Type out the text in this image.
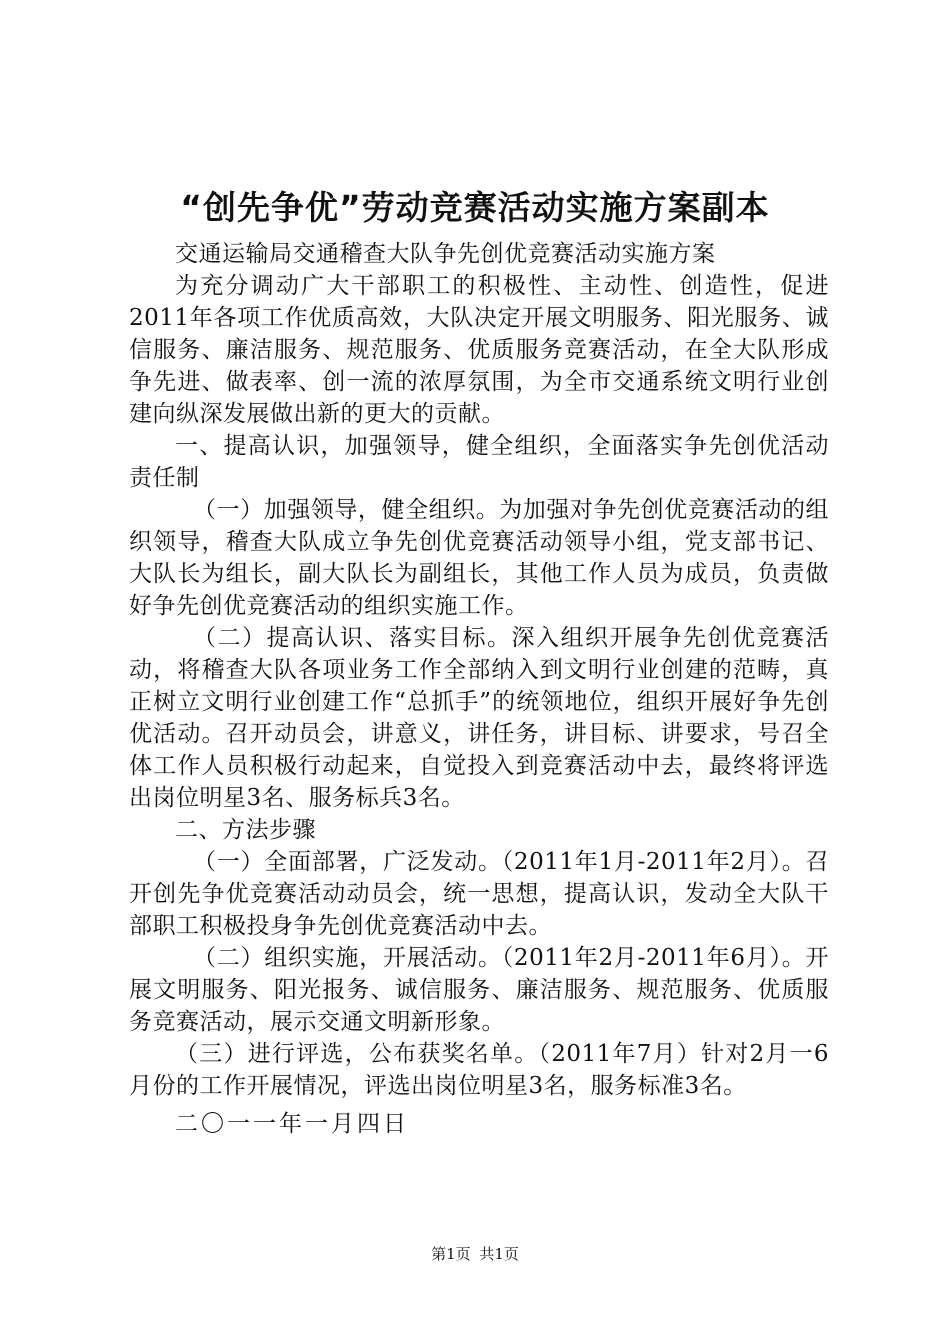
“创先争优”劳动竞赛活动实施方案副本

交通运输局交通稽查大队争先创优竞赛活动实施方案

为充分调动广大干部职工的积极性、主动性、创造性，促进2011年各项工作优质高效，大队决定开展文明服务、阳光服务、诚信服务、廉洁服务、规范服务、优质服务竞赛活动，在全大队形成争先进、做表率、创一流的浓厚氛围，为全市交通系统文明行业创建向纵深发展做出新的更大的贡献。

一、提高认识，加强领导，健全组织，全面落实争先创优活动责任制

（一）加强领导，健全组织。为加强对争先创优竞赛活动的组织领导，稽查大队成立争先创优竞赛活动领导小组，党支部书记、大队长为组长，副大队长为副组长，其他工作人员为成员，负责做好争先创优竞赛活动的组织实施工作。

（二）提高认识、落实目标。深入组织开展争先创优竞赛活动，将稽查大队各项业务工作全部纳入到文明行业创建的范畴，真正树立文明行业创建工作“总抓手”的统领地位，组织开展好争先创优活动。召开动员会，讲意义，讲任务，讲目标、讲要求，号召全体工作人员积极行动起来，自觉投入到竞赛活动中去，最终将评选出岗位明星3名、服务标兵3名。

二、方法步骤

（一）全面部署，广泛发动。（2011年1月-2011年2月）。召开创先争优竞赛活动动员会，统一思想，提高认识，发动全大队干部职工积极投身争先创优竞赛活动中去。

（二）组织实施，开展活动。（2011年2月-2011年6月）。开展文明服务、阳光报务、诚信服务、廉洁服务、规范服务、优质服务竞赛活动，展示交通文明新形象。

（三）进行评选，公布获奖名单。（2011年7月）针对2月一6月份的工作开展情况，评选出岗位明星3名，服务标准3名。

二〇一一年一月四日

第1页 共1页
